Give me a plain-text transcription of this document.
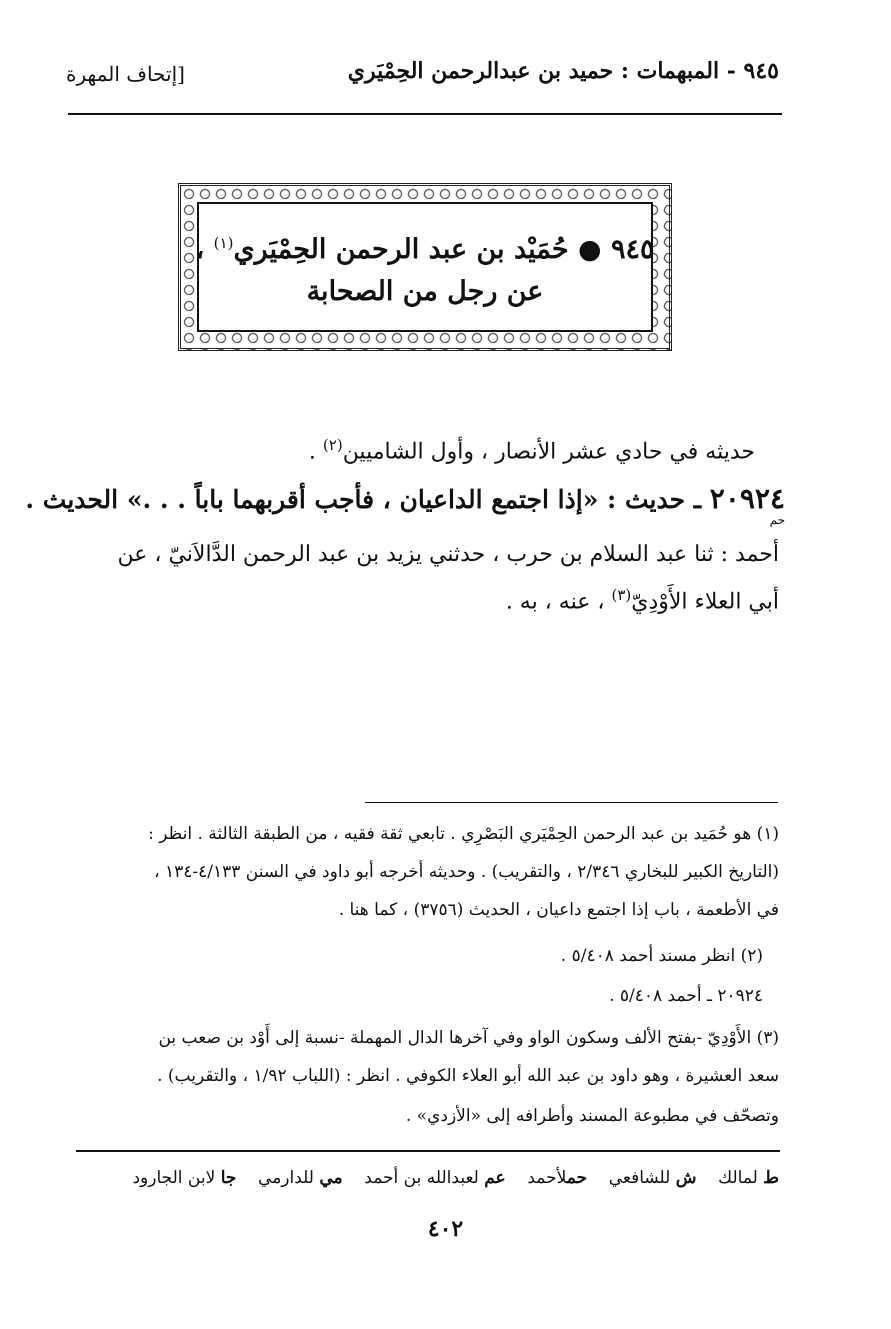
٩٤٥ - المبهمات : حميد بن عبدالرحمن الحِمْيَري
[إتحاف المهرة
٩٤٥ ● حُمَيْد بن عبد الرحمن الحِمْيَري$^{(١)}$ ،
عن رجل من الصحابة
حديثه في حادي عشر الأنصار ، وأول الشاميين$^{(٢)}$ .
٢٠٩٢٤ ـ حديث : «إذا اجتمع الداعيان ، فأجب أقربهما باباً . . .» الحديث .
حم
أحمد : ثنا عبد السلام بن حرب ، حدثني يزيد بن عبد الرحمن الدَّالاَنيّ ، عن
أبي العلاء الأَوْدِيّ$^{(٣)}$ ، عنه ، به .
(١) هو حُمَيد بن عبد الرحمن الحِمْيَري البَصْرِي . تابعي ثقة فقيه ، من الطبقة الثالثة . انظر :
(التاريخ الكبير للبخاري ٢/٣٤٦ ، والتقريب) . وحديثه أخرجه أبو داود في السنن ٤/١٣٣-١٣٤ ،
في الأطعمة ، باب إذا اجتمع داعيان ، الحديث (٣٧٥٦) ، كما هنا .
(٢) انظر مسند أحمد ٥/٤٠٨ .
٢٠٩٢٤ ـ أحمد ٥/٤٠٨ .
(٣) الأَوْدِيّ -بفتح الألف وسكون الواو وفي آخرها الدال المهملة -نسبة إلى أَوْد بن صعب بن
سعد العشيرة ، وهو داود بن عبد الله أبو العلاء الكوفي . انظر : (اللباب ١/٩٢ ، والتقريب) .
وتصحّف في مطبوعة المسند وأطرافه إلى «الأزدي» .
ط لمالك    ش للشافعي    حملأحمد    عم لعبدالله بن أحمد    مي للدارمي    جا لابن الجارود
٤٠٢
